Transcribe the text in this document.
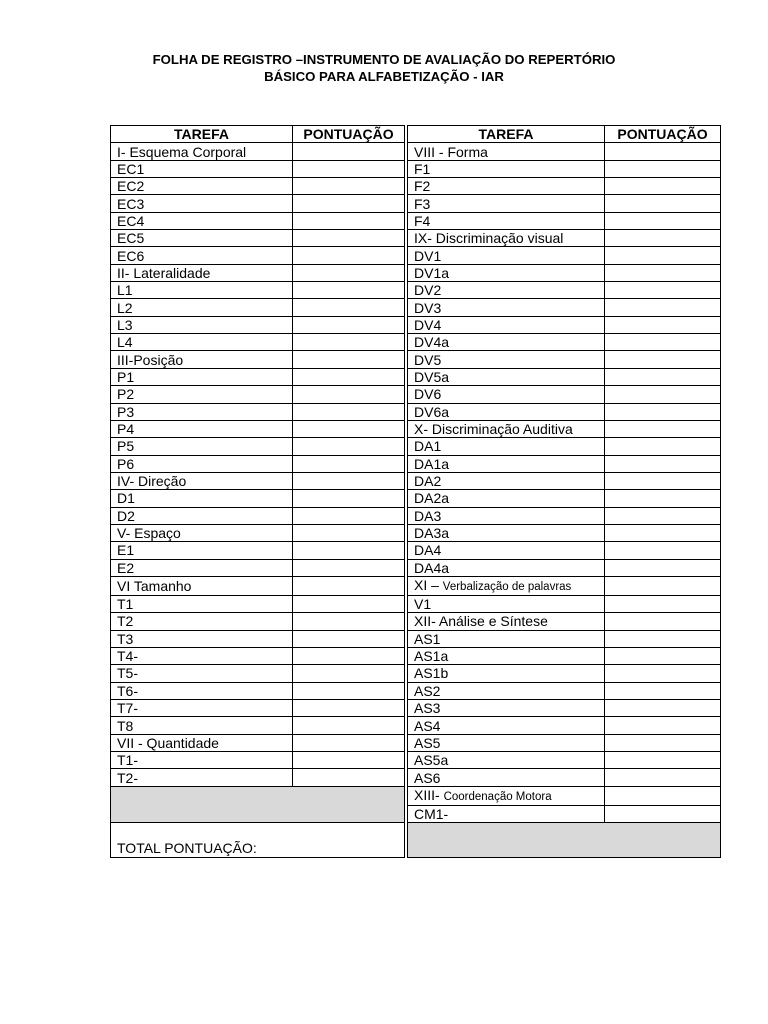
FOLHA DE REGISTRO –INSTRUMENTO DE AVALIAÇÃO DO REPERTÓRIO
BÁSICO PARA ALFABETIZAÇÃO - IAR
TAREFA	PONTUAÇÃO		TAREFA	PONTUAÇÃO
I- Esquema Corporal			VIII - Forma	
EC1			F1	
EC2			F2	
EC3			F3	
EC4			F4	
EC5			IX- Discriminação visual	
EC6			DV1	
II- Lateralidade			DV1a	
L1			DV2	
L2			DV3	
L3			DV4	
L4			DV4a	
III-Posição			DV5	
P1			DV5a	
P2			DV6	
P3			DV6a	
P4			X- Discriminação Auditiva	
P5			DA1	
P6			DA1a	
IV- Direção			DA2	
D1			DA2a	
D2			DA3	
V- Espaço			DA3a	
E1			DA4	
E2			DA4a	
VI Tamanho			XI – Verbalização de palavras	
T1			V1	
T2			XII- Análise e Síntese	
T3			AS1	
T4-			AS1a	
T5-			AS1b	
T6-			AS2	
T7-			AS3	
T8			AS4	
VII - Quantidade			AS5	
T1-			AS5a	
T2-			AS6	
			XIII- Coordenação Motora	
			CM1-	
TOTAL PONTUAÇÃO:				
